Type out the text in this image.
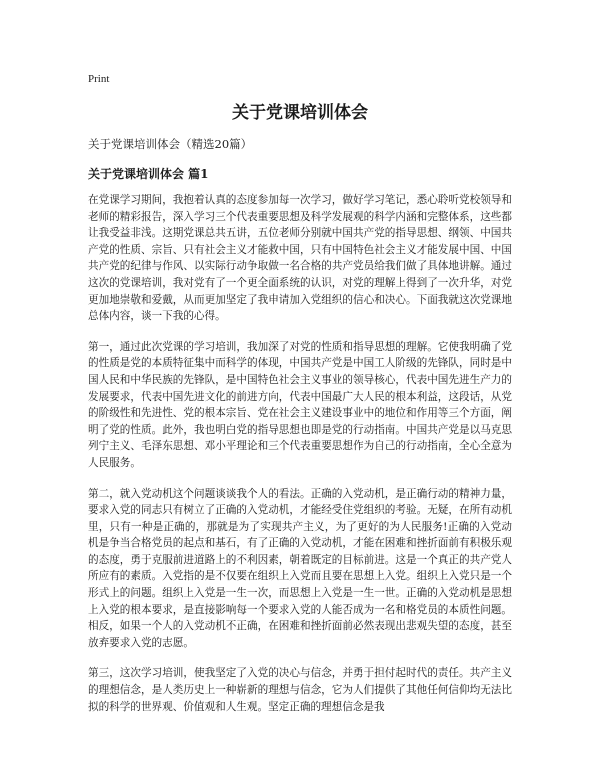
Print
关于党课培训体会
关于党课培训体会（精选20篇）
关于党课培训体会 篇1

在党课学习期间，我抱着认真的态度参加每一次学习，做好学习笔记，悉心聆听党校领导和老师的精彩报告，深入学习三个代表重要思想及科学发展观的科学内涵和完整体系，这些都让我受益非浅。这期党课总共五讲，五位老师分别就中国共产党的指导思想、纲领、中国共产党的性质、宗旨、只有社会主义才能救中国，只有中国特色社会主义才能发展中国、中国共产党的纪律与作风、以实际行动争取做一名合格的共产党员给我们做了具体地讲解。通过这次的党课培训，我对党有了一个更全面系统的认识，对党的理解上得到了一次升华，对党更加地崇敬和爱戴，从而更加坚定了我申请加入党组织的信心和决心。下面我就这次党课地总体内容，谈一下我的心得。

第一，通过此次党课的学习培训，我加深了对党的性质和指导思想的理解。它使我明确了党的性质是党的本质特征集中而科学的体现，中国共产党是中国工人阶级的先锋队，同时是中国人民和中华民族的先锋队，是中国特色社会主义事业的领导核心，代表中国先进生产力的发展要求，代表中国先进文化的前进方向，代表中国最广大人民的根本利益，这段话，从党的阶级性和先进性、党的根本宗旨、党在社会主义建设事业中的地位和作用等三个方面，阐明了党的性质。此外，我也明白党的指导思想也即是党的行动指南。中国共产党是以马克思列宁主义、毛泽东思想、邓小平理论和三个代表重要思想作为自己的行动指南，全心全意为人民服务。

第二，就入党动机这个问题谈谈我个人的看法。正确的入党动机，是正确行动的精神力量，要求入党的同志只有树立了正确的入党动机，才能经受住党组织的考验。无疑，在所有动机里，只有一种是正确的，那就是为了实现共产主义，为了更好的为人民服务!正确的入党动机是争当合格党员的起点和基石，有了正确的入党动机，才能在困难和挫折面前有积极乐观的态度，勇于克服前进道路上的不利因素，朝着既定的目标前进。这是一个真正的共产党人所应有的素质。入党指的是不仅要在组织上入党而且要在思想上入党。组织上入党只是一个形式上的问题。组织上入党是一生一次，而思想上入党是一生一世。正确的入党动机是思想上入党的根本要求，是直接影响每一个要求入党的人能否成为一名和格党员的本质性问题。相反，如果一个人的入党动机不正确，在困难和挫折面前必然表现出悲观失望的态度，甚至放弃要求入党的志愿。

第三，这次学习培训，使我坚定了入党的决心与信念，并勇于担付起时代的责任。共产主义的理想信念，是人类历史上一种崭新的理想与信念，它为人们提供了其他任何信仰均无法比拟的科学的世界观、价值观和人生观。坚定正确的理想信念是我
